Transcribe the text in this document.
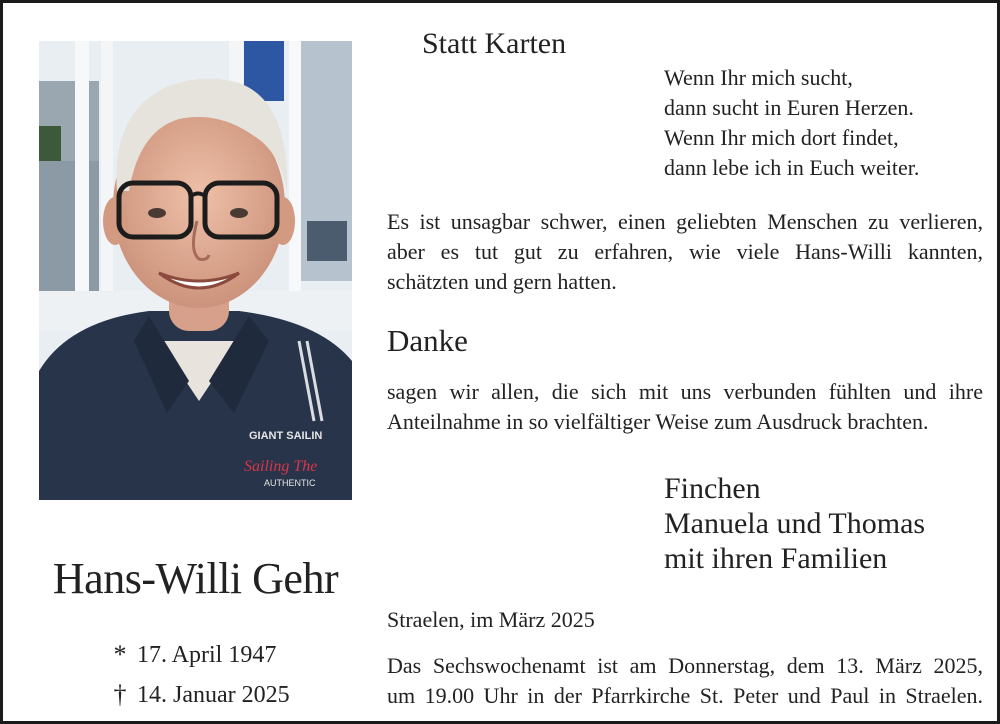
GIANT SAILIN
Sailing The
AUTHENTIC
Hans-Willi Gehr
* 17. April 1947
† 14. Januar 2025
Statt Karten
Wenn Ihr mich sucht,
dann sucht in Euren Herzen.
Wenn Ihr mich dort findet,
dann lebe ich in Euch weiter.
Es ist unsagbar schwer, einen geliebten Menschen zu verlieren,
aber es tut gut zu erfahren, wie viele Hans-Willi kannten,
schätzten und gern hatten.
Danke
sagen wir allen, die sich mit uns verbunden fühlten und ihre
Anteilnahme in so vielfältiger Weise zum Ausdruck brachten.
Finchen
Manuela und Thomas
mit ihren Familien
Straelen, im März 2025
Das Sechswochenamt ist am Donnerstag, dem 13. März 2025,
um 19.00 Uhr in der Pfarrkirche St. Peter und Paul in Straelen.
